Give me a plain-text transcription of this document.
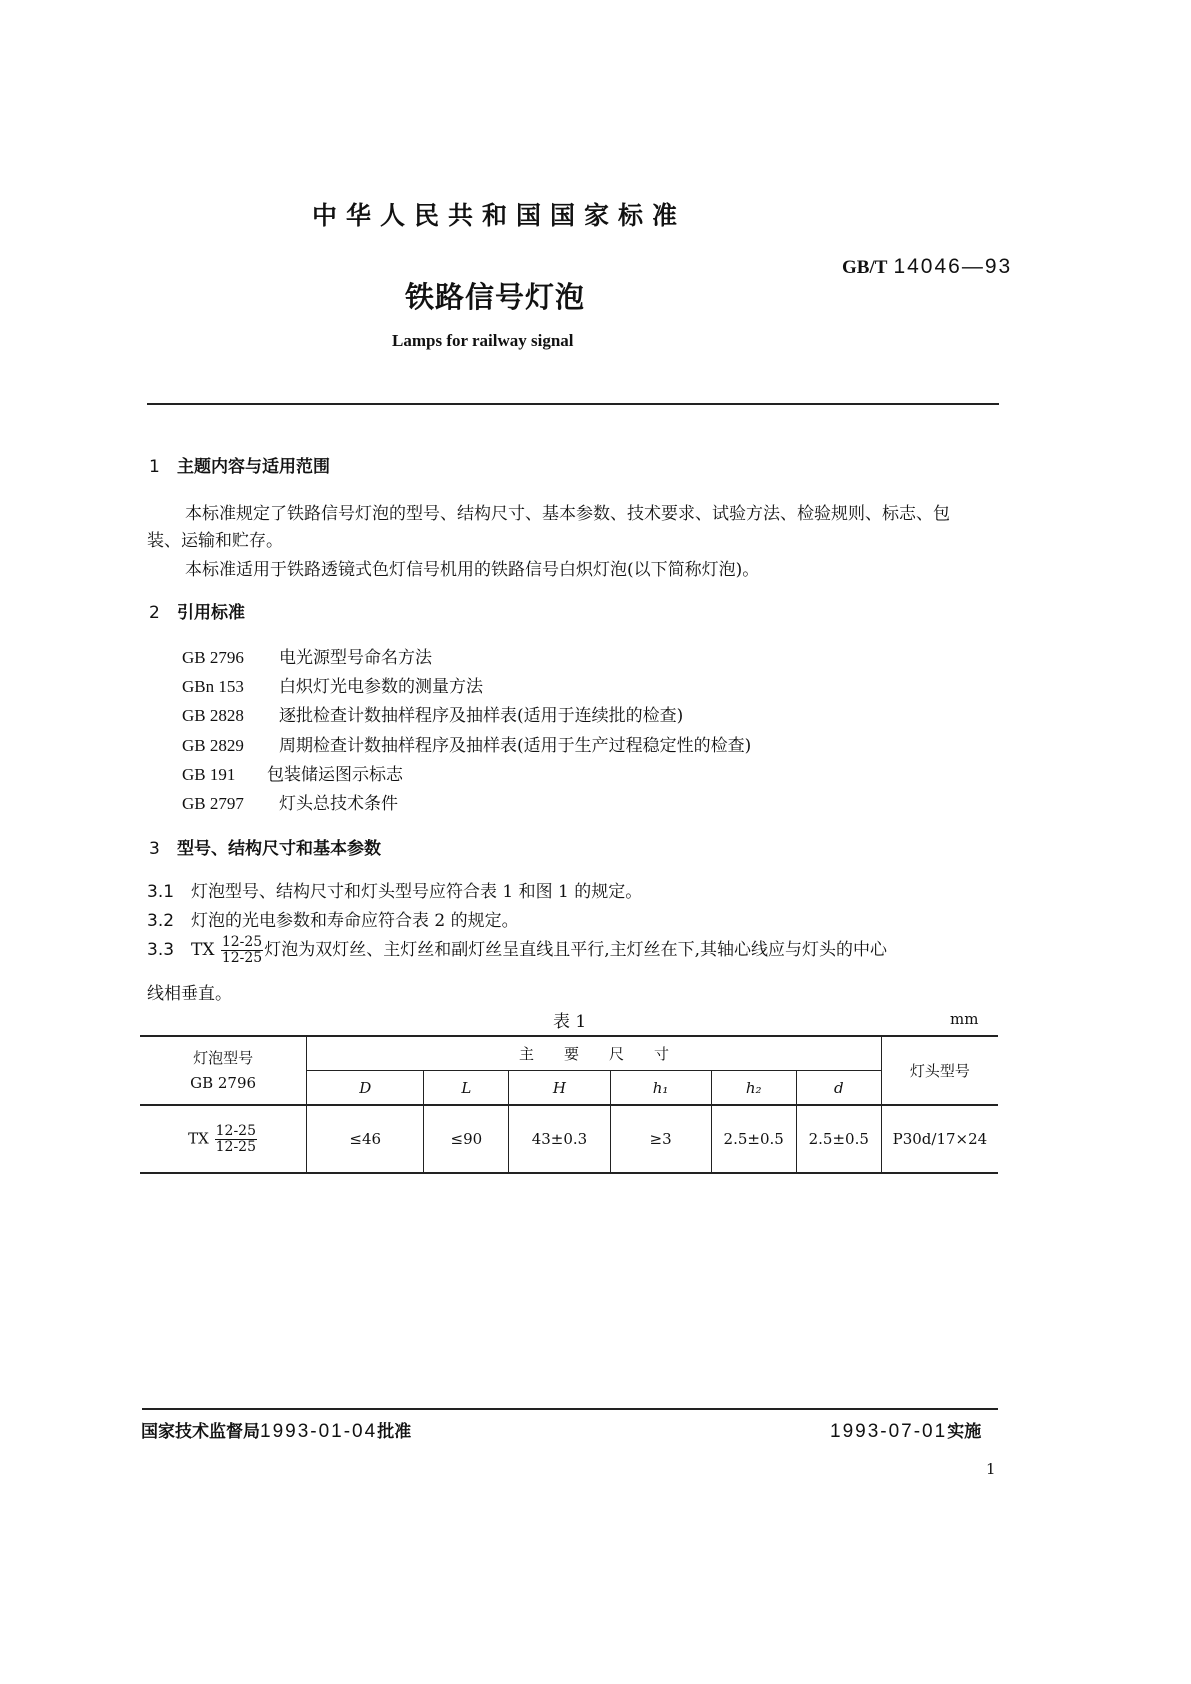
中华人民共和国国家标准
GB/T 14046—93
铁路信号灯泡
Lamps for railway signal
1 主题内容与适用范围
本标准规定了铁路信号灯泡的型号、结构尺寸、基本参数、技术要求、试验方法、检验规则、标志、包
装、运输和贮存。
本标准适用于铁路透镜式色灯信号机用的铁路信号白炽灯泡(以下简称灯泡)。
2 引用标准
GB 2796 电光源型号命名方法
GBn 153 白炽灯光电参数的测量方法
GB 2828 逐批检查计数抽样程序及抽样表(适用于连续批的检查)
GB 2829 周期检查计数抽样程序及抽样表(适用于生产过程稳定性的检查)
GB 191 包装储运图示标志
GB 2797 灯头总技术条件
3 型号、结构尺寸和基本参数
3.1 灯泡型号、结构尺寸和灯头型号应符合表 1 和图 1 的规定。
3.2 灯泡的光电参数和寿命应符合表 2 的规定。
3.3 TX $\frac{12-25}{12-25}$ 灯泡为双灯丝、主灯丝和副灯丝呈直线且平行,主灯丝在下,其轴心线应与灯头的中心
线相垂直。
表 1	mm
灯泡型号
GB 2796	主　　要　　尺　　寸						灯头型号
	D	L	H	h₁	h₂	d	
TX $\frac{12-25}{12-25}$	≤46	≤90	43±0.3	≥3	2.5±0.5	2.5±0.5	P30d/17×24
国家技术监督局1993-01-04批准	1993-07-01实施
1
